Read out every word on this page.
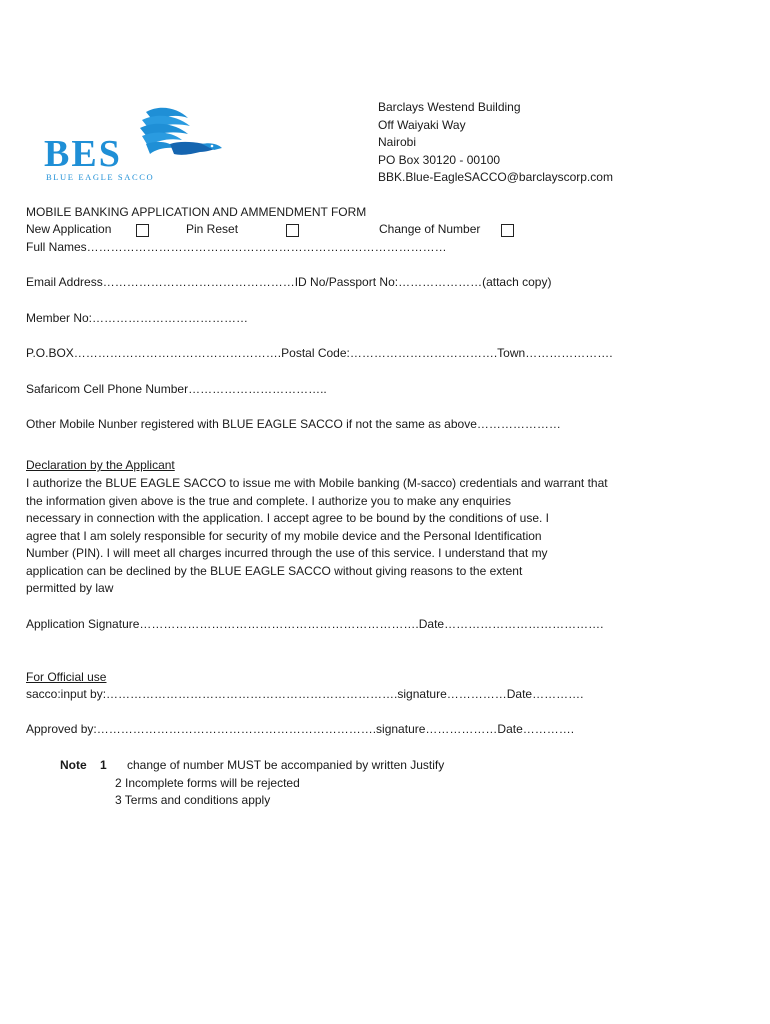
BES
BLUE EAGLE SACCO
Barclays Westend Building
Off Waiyaki Way
Nairobi
PO Box 30120 - 00100
BBK.Blue-EagleSACCO@barclayscorp.com
MOBILE BANKING APPLICATION AND AMMENDMENT FORM
New Application	Pin Reset	Change of Number
Full Names………………………………………………………………………………
Email Address…………………………………………ID No/Passport No:…………………(attach copy)
Member No:…………………………………
P.O.BOX…………………………………………….Postal Code:……………………………….Town………………….
Safaricom Cell Phone Number……………………………..
Other Mobile Nunber registered with BLUE EAGLE SACCO if not the same as above…………………
Declaration by the Applicant
I authorize the BLUE EAGLE SACCO to issue me with Mobile banking (M-sacco) credentials and warrant that
the information given above is the true and complete. I authorize you to make any enquiries
necessary in connection with the application. I accept agree to be bound by the conditions of use. I
agree that I am solely responsible for security of my mobile device and the Personal Identification
Number (PIN). I will meet all charges incurred through the use of this service. I understand that my
application can be declined by the BLUE EAGLE SACCO without giving reasons to the extent
permitted by law
Application Signature…………………………………………………………….Date………………………………….
For Official use
sacco:input by:……………………………………………………………….signature……………Date………….
Approved by:…………………………………………………………….signature………………Date………….
Note 1 change of number MUST be accompanied by written Justify
2 Incomplete forms will be rejected
3 Terms and conditions apply
